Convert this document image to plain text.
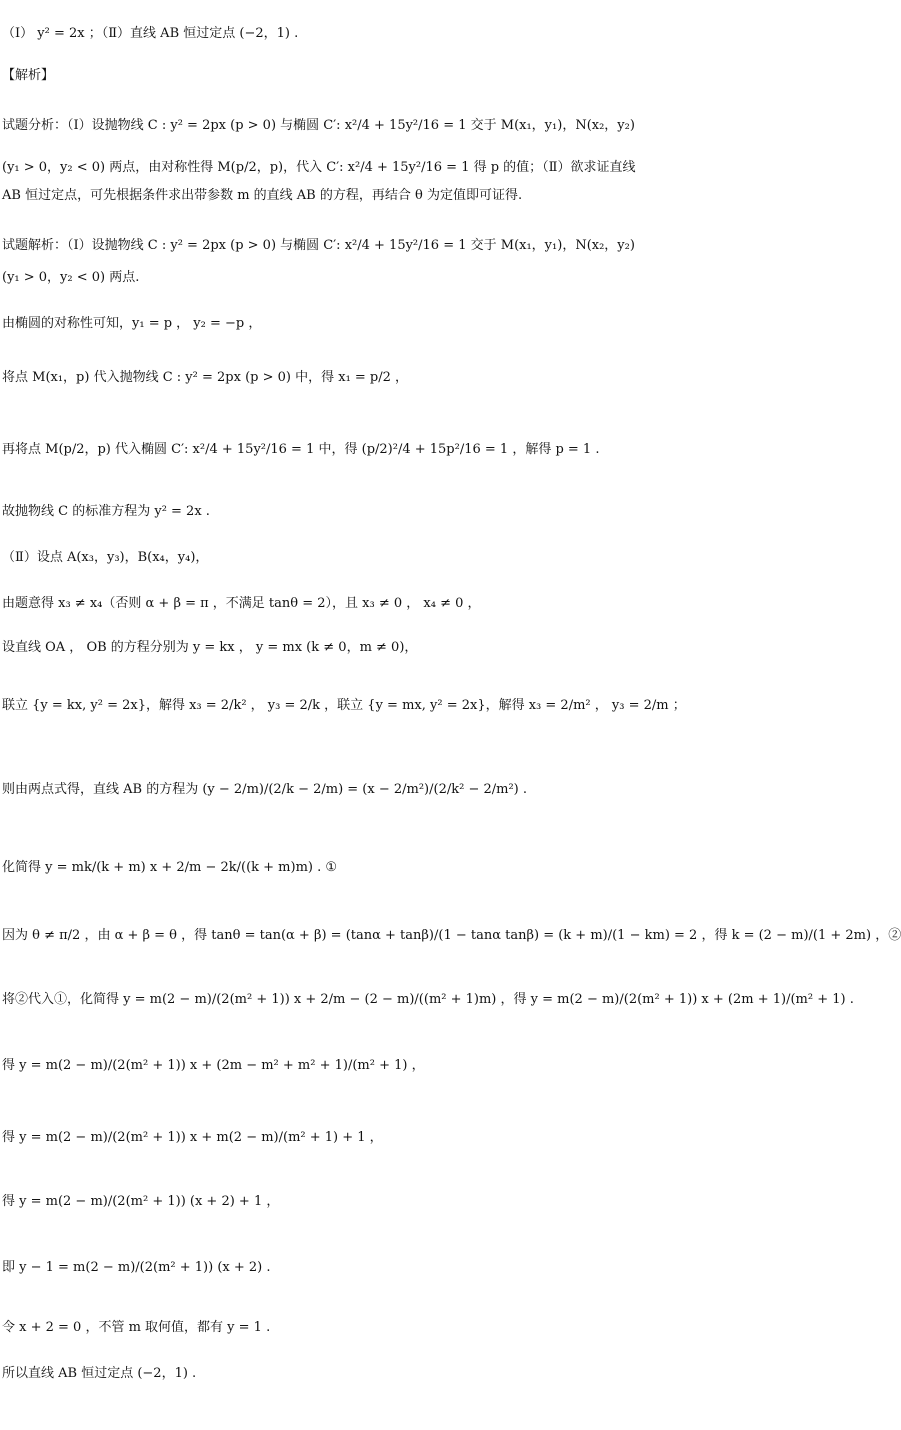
（Ⅰ） y² = 2x ；（Ⅱ）直线 AB 恒过定点 (−2，1) .
【解析】
试题分析：（Ⅰ）设抛物线 C : y² = 2px (p > 0) 与椭圆 C′: x²/4 + 15y²/16 = 1 交于 M(x₁，y₁)，N(x₂，y₂)
(y₁ > 0，y₂ < 0) 两点，由对称性得 M(p/2，p)，代入 C′: x²/4 + 15y²/16 = 1 得 p 的值；（Ⅱ）欲求证直线
AB 恒过定点，可先根据条件求出带参数 m 的直线 AB 的方程，再结合 θ 为定值即可证得.
试题解析：（Ⅰ）设抛物线 C : y² = 2px (p > 0) 与椭圆 C′: x²/4 + 15y²/16 = 1 交于 M(x₁，y₁)，N(x₂，y₂)
(y₁ > 0，y₂ < 0) 两点.
由椭圆的对称性可知，y₁ = p ， y₂ = −p ，
将点 M(x₁，p) 代入抛物线 C : y² = 2px (p > 0) 中，得 x₁ = p/2 ，
再将点 M(p/2，p) 代入椭圆 C′: x²/4 + 15y²/16 = 1 中，得 (p/2)²/4 + 15p²/16 = 1 ，解得 p = 1 .
故抛物线 C 的标准方程为 y² = 2x .
（Ⅱ）设点 A(x₃，y₃)，B(x₄，y₄)，
由题意得 x₃ ≠ x₄（否则 α + β = π ，不满足 tanθ = 2），且 x₃ ≠ 0 ， x₄ ≠ 0 ，
设直线 OA ， OB 的方程分别为 y = kx ， y = mx (k ≠ 0，m ≠ 0)，
联立 {y = kx, y² = 2x}，解得 x₃ = 2/k² ， y₃ = 2/k ，联立 {y = mx, y² = 2x}，解得 x₃ = 2/m² ， y₃ = 2/m ；
则由两点式得，直线 AB 的方程为 (y − 2/m)/(2/k − 2/m) = (x − 2/m²)/(2/k² − 2/m²) .
化简得 y = mk/(k + m) x + 2/m − 2k/((k + m)m) . ①
因为 θ ≠ π/2 ，由 α + β = θ ，得 tanθ = tan(α + β) = (tanα + tanβ)/(1 − tanα tanβ) = (k + m)/(1 − km) = 2 ，得 k = (2 − m)/(1 + 2m) ，②
将②代入①，化简得 y = m(2 − m)/(2(m² + 1)) x + 2/m − (2 − m)/((m² + 1)m) ，得 y = m(2 − m)/(2(m² + 1)) x + (2m + 1)/(m² + 1) .
得 y = m(2 − m)/(2(m² + 1)) x + (2m − m² + m² + 1)/(m² + 1) ，
得 y = m(2 − m)/(2(m² + 1)) x + m(2 − m)/(m² + 1) + 1 ，
得 y = m(2 − m)/(2(m² + 1)) (x + 2) + 1 ，
即 y − 1 = m(2 − m)/(2(m² + 1)) (x + 2) .
令 x + 2 = 0 ，不管 m 取何值，都有 y = 1 .
所以直线 AB 恒过定点 (−2，1) .
